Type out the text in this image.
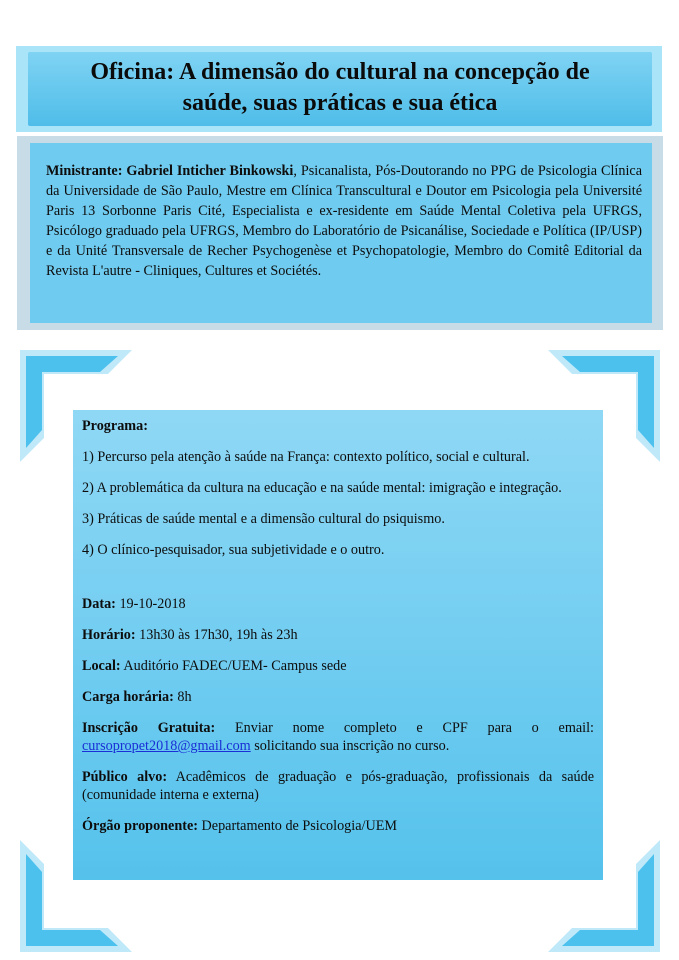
Oficina: A dimensão do cultural na concepção de
saúde, suas práticas e sua ética
Ministrante: Gabriel Inticher Binkowski, Psicanalista, Pós-Doutorando no PPG de Psicologia Clínica da Universidade de São Paulo, Mestre em Clínica Transcultural e Doutor em Psicologia pela Université Paris 13 Sorbonne Paris Cité, Especialista e ex-residente em Saúde Mental Coletiva pela UFRGS, Psicólogo graduado pela UFRGS, Membro do Laboratório de Psicanálise, Sociedade e Política (IP/USP) e da Unité Transversale de Recher Psychogenèse et Psychopatologie, Membro do Comitê Editorial da Revista L'autre - Cliniques, Cultures et Sociétés.

Programa:

1) Percurso pela atenção à saúde na França: contexto político, social e cultural.

2) A problemática da cultura na educação e na saúde mental: imigração e integração.

3) Práticas de saúde mental e a dimensão cultural do psiquismo.

4) O clínico-pesquisador, sua subjetividade e o outro.

Data: 19-10-2018

Horário: 13h30 às 17h30, 19h às 23h

Local: Auditório FADEC/UEM- Campus sede

Carga horária: 8h

Inscrição Gratuita: Enviar nome completo e CPF para o email: cursopropet2018@gmail.com solicitando sua inscrição no curso.

Público alvo: Acadêmicos de graduação e pós-graduação, profissionais da saúde (comunidade interna e externa)

Órgão proponente: Departamento de Psicologia/UEM
